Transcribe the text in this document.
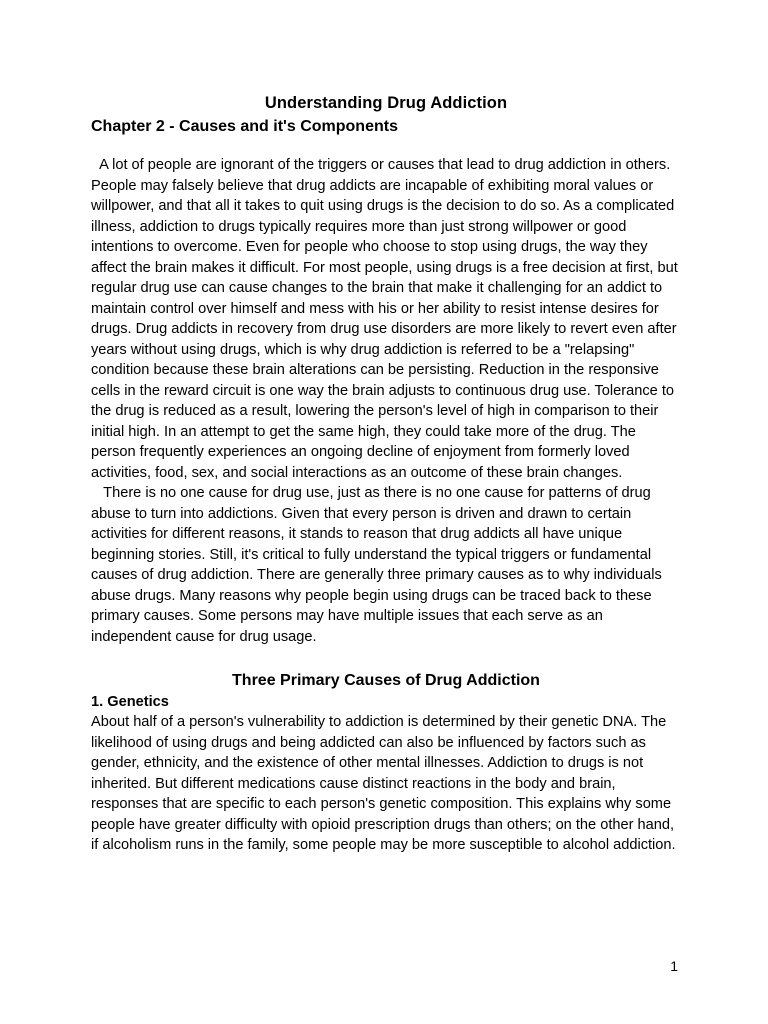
Understanding Drug Addiction
Chapter 2 - Causes and it's Components

A lot of people are ignorant of the triggers or causes that lead to drug addiction in others. People may falsely believe that drug addicts are incapable of exhibiting moral values or willpower, and that all it takes to quit using drugs is the decision to do so. As a complicated illness, addiction to drugs typically requires more than just strong willpower or good intentions to overcome. Even for people who choose to stop using drugs, the way they affect the brain makes it difficult. For most people, using drugs is a free decision at first, but regular drug use can cause changes to the brain that make it challenging for an addict to maintain control over himself and mess with his or her ability to resist intense desires for drugs. Drug addicts in recovery from drug use disorders are more likely to revert even after years without using drugs, which is why drug addiction is referred to be a "relapsing" condition because these brain alterations can be persisting. Reduction in the responsive cells in the reward circuit is one way the brain adjusts to continuous drug use. Tolerance to the drug is reduced as a result, lowering the person's level of high in comparison to their initial high. In an attempt to get the same high, they could take more of the drug. The person frequently experiences an ongoing decline of enjoyment from formerly loved activities, food, sex, and social interactions as an outcome of these brain changes.

There is no one cause for drug use, just as there is no one cause for patterns of drug abuse to turn into addictions. Given that every person is driven and drawn to certain activities for different reasons, it stands to reason that drug addicts all have unique beginning stories. Still, it's critical to fully understand the typical triggers or fundamental causes of drug addiction. There are generally three primary causes as to why individuals abuse drugs. Many reasons why people begin using drugs can be traced back to these primary causes. Some persons may have multiple issues that each serve as an independent cause for drug usage.

Three Primary Causes of Drug Addiction
1. Genetics

About half of a person's vulnerability to addiction is determined by their genetic DNA. The likelihood of using drugs and being addicted can also be influenced by factors such as gender, ethnicity, and the existence of other mental illnesses. Addiction to drugs is not inherited. But different medications cause distinct reactions in the body and brain, responses that are specific to each person's genetic composition. This explains why some people have greater difficulty with opioid prescription drugs than others; on the other hand, if alcoholism runs in the family, some people may be more susceptible to alcohol addiction.

1
